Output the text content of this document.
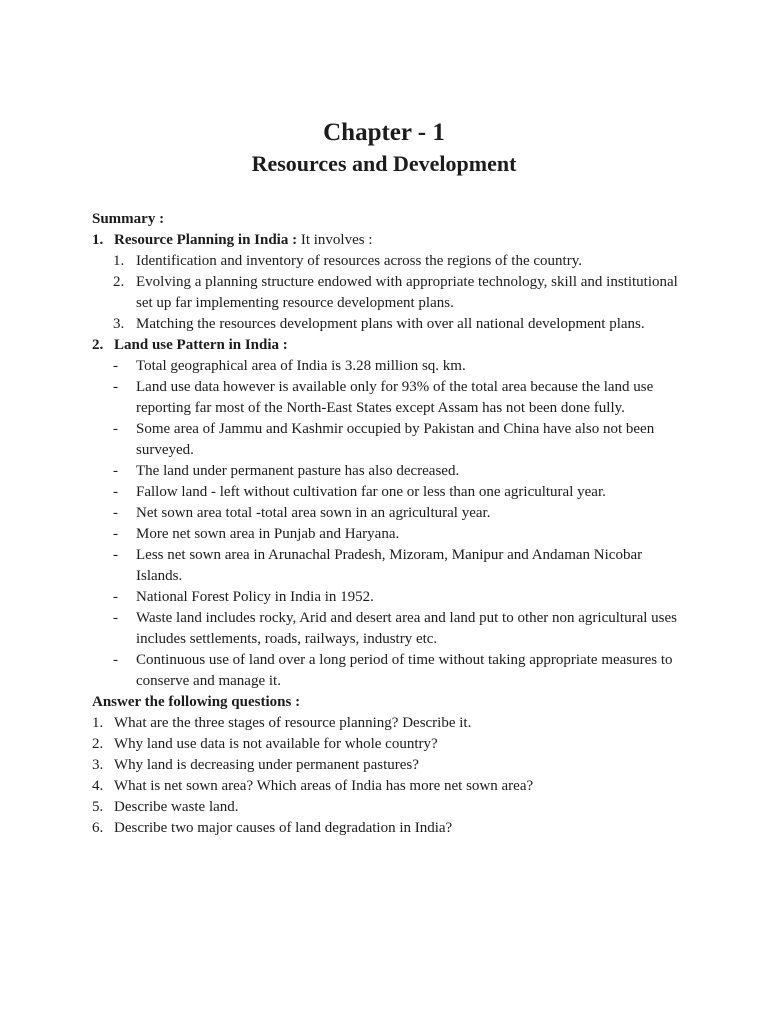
Chapter - 1
Resources and Development
Summary :
1. Resource Planning in India : It involves :
1. Identification and inventory of resources across the regions of the country.
2. Evolving a planning structure endowed with appropriate technology, skill and institutional set up far implementing resource development plans.
3. Matching the resources development plans with over all national development plans.
2. Land use Pattern in India :
- Total geographical area of India is 3.28 million sq. km.
- Land use data however is available only for 93% of the total area because the land use reporting far most of the North-East States except Assam has not been done fully.
- Some area of Jammu and Kashmir occupied by Pakistan and China have also not been surveyed.
- The land under permanent pasture has also decreased.
- Fallow land - left without cultivation far one or less than one agricultural year.
- Net sown area total -total area sown in an agricultural year.
- More net sown area in Punjab and Haryana.
- Less net sown area in Arunachal Pradesh, Mizoram, Manipur and Andaman Nicobar Islands.
- National Forest Policy in India in 1952.
- Waste land includes rocky, Arid and desert area and land put to other non agricultural uses includes settlements, roads, railways, industry etc.
- Continuous use of land over a long period of time without taking appropriate measures to conserve and manage it.
Answer the following questions :
1. What are the three stages of resource planning? Describe it.
2. Why land use data is not available for whole country?
3. Why land is decreasing under permanent pastures?
4. What is net sown area? Which areas of India has more net sown area?
5. Describe waste land.
6. Describe two major causes of land degradation in India?
